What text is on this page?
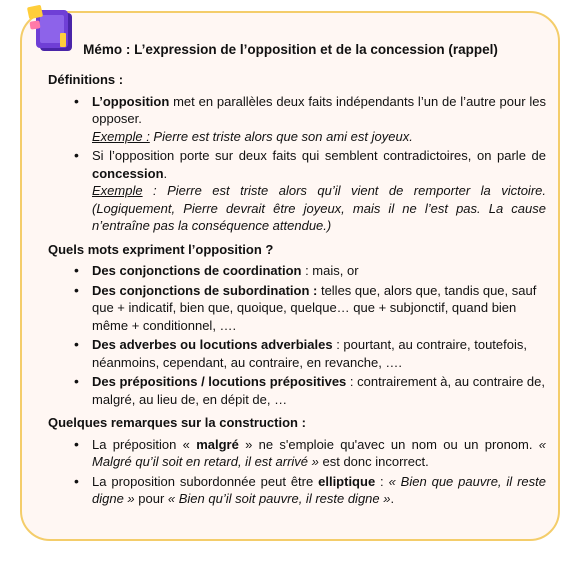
Mémo : L’expression de l’opposition et de la concession (rappel)

Définitions :

• L’opposition met en parallèles deux faits indépendants l’un de l’autre pour les opposer.
Exemple : Pierre est triste alors que son ami est joyeux.
• Si l’opposition porte sur deux faits qui semblent contradictoires, on parle de concession.
Exemple : Pierre est triste alors qu’il vient de remporter la victoire. (Logiquement, Pierre devrait être joyeux, mais il ne l’est pas. La cause n’entraîne pas la conséquence attendue.)

Quels mots expriment l’opposition ?

• Des conjonctions de coordination : mais, or
• Des conjonctions de subordination : telles que, alors que, tandis que, sauf que + indicatif, bien que, quoique, quelque… que + subjonctif, quand bien même + conditionnel, ….
• Des adverbes ou locutions adverbiales : pourtant, au contraire, toutefois, néanmoins, cependant, au contraire, en revanche, ….
• Des prépositions / locutions prépositives : contrairement à, au contraire de, malgré, au lieu de, en dépit de, …

Quelques remarques sur la construction :

• La préposition « malgré » ne s'emploie qu'avec un nom ou un pronom. « Malgré qu’il soit en retard, il est arrivé » est donc incorrect.
• La proposition subordonnée peut être elliptique : « Bien que pauvre, il reste digne » pour « Bien qu’il soit pauvre, il reste digne ».
